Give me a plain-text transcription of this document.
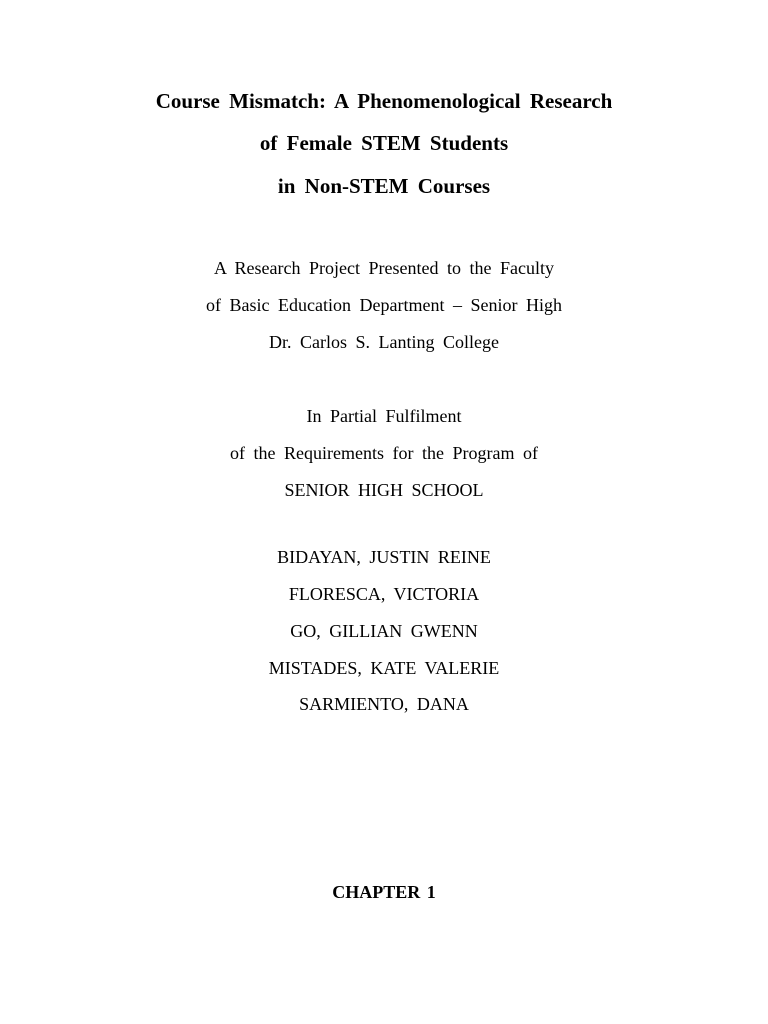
Course Mismatch: A Phenomenological Research
of Female STEM Students
in Non-STEM Courses
A Research Project Presented to the Faculty
of Basic Education Department – Senior High
Dr. Carlos S. Lanting College
In Partial Fulfilment
of the Requirements for the Program of
SENIOR HIGH SCHOOL
BIDAYAN, JUSTIN REINE
FLORESCA, VICTORIA
GO, GILLIAN GWENN
MISTADES, KATE VALERIE
SARMIENTO, DANA
CHAPTER 1
